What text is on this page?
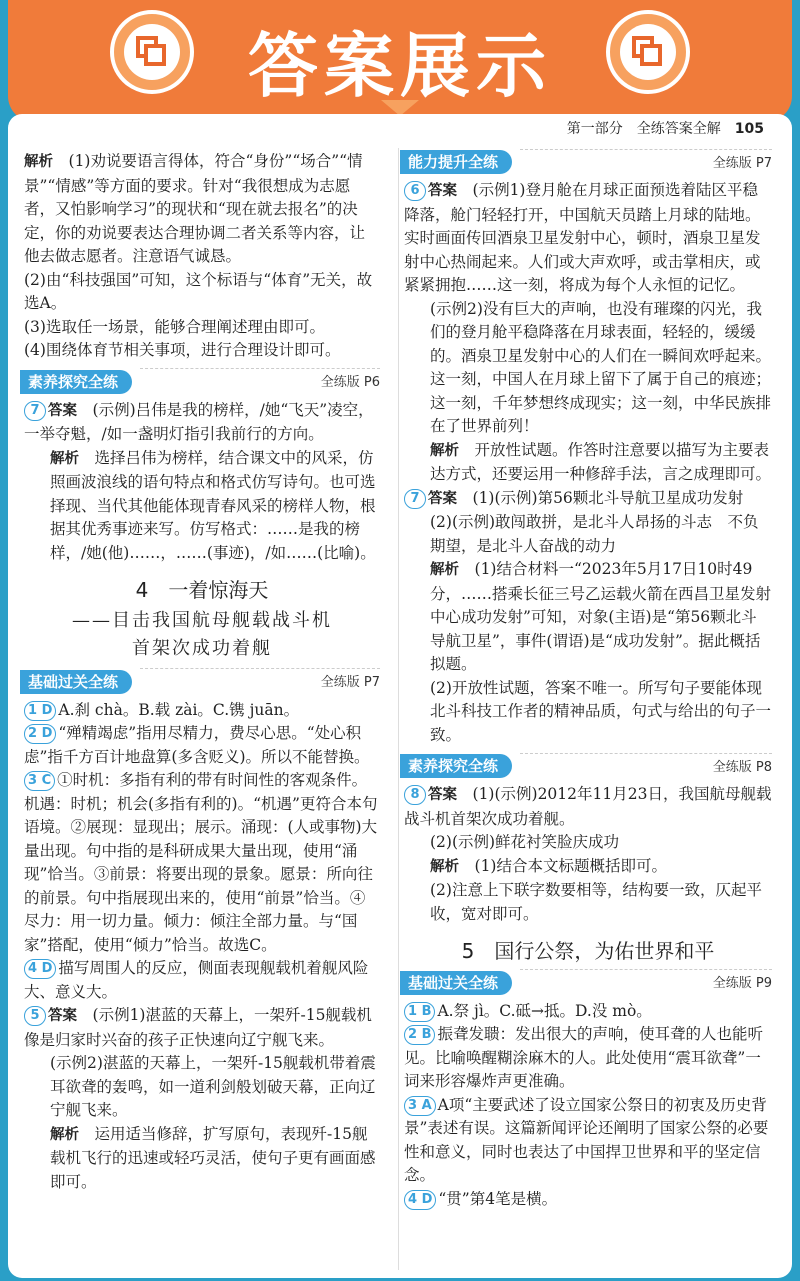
答案展示
第一部分　 全练答案全解　 105

解析　 (1)劝说要语言得体，符合“身份”“场合”“情景”“情感”等方面的要求。针对“我很想成为志愿者，又怕影响学习”的现状和“现在就去报名”的决定，你的劝说要表达合理协调二者关系等内容，让他去做志愿者。注意语气诚恳。

(2)由“科技强国”可知，这个标语与“体育”无关，故选A。

(3)选取任一场景，能够合理阐述理由即可。

(4)围绕体育节相关事项，进行合理设计即可。

素养探究全练	全练版 P6

7 答案　 (示例)吕伟是我的榜样，/她“飞天”凌空，一举夺魁，/如一盏明灯指引我前行的方向。

解析　 选择吕伟为榜样，结合课文中的风采，仿照画波浪线的语句特点和格式仿写诗句。也可选择现、当代其他能体现青春风采的榜样人物，根据其优秀事迹来写。仿写格式：……是我的榜样，/她(他)……，……(事迹)，/如……(比喻)。

4　一着惊海天
——目击我国航母舰载战斗机
首架次成功着舰
基础过关全练	全练版 P7

1 D A.刹 chà。B.载 zài。C.镌 juān。

2 D “殚精竭虑”指用尽精力，费尽心思。“处心积虑”指千方百计地盘算(多含贬义)。所以不能替换。

3 C ①时机：多指有利的带有时间性的客观条件。机遇：时机；机会(多指有利的)。“机遇”更符合本句语境。②展现：显现出；展示。涌现：(人或事物)大量出现。句中指的是科研成果大量出现，使用“涌现”恰当。③前景：将要出现的景象。愿景：所向往的前景。句中指展现出来的，使用“前景”恰当。④尽力：用一切力量。倾力：倾注全部力量。与“国家”搭配，使用“倾力”恰当。故选C。

4 D 描写周围人的反应，侧面表现舰载机着舰风险大、意义大。

5 答案　 (示例1)湛蓝的天幕上，一架歼-15舰载机像是归家时兴奋的孩子正快速向辽宁舰飞来。

(示例2)湛蓝的天幕上，一架歼-15舰载机带着震耳欲聋的轰鸣，如一道利剑般划破天幕，正向辽宁舰飞来。

解析　 运用适当修辞，扩写原句，表现歼-15舰载机飞行的迅速或轻巧灵活，使句子更有画面感即可。

能力提升全练	全练版 P7

6 答案　 (示例1)登月舱在月球正面预选着陆区平稳降落，舱门轻轻打开，中国航天员踏上月球的陆地。实时画面传回酒泉卫星发射中心，顿时，酒泉卫星发射中心热闹起来。人们或大声欢呼，或击掌相庆，或紧紧拥抱……这一刻，将成为每个人永恒的记忆。

(示例2)没有巨大的声响，也没有璀璨的闪光，我们的登月舱平稳降落在月球表面，轻轻的，缓缓的。酒泉卫星发射中心的人们在一瞬间欢呼起来。这一刻，中国人在月球上留下了属于自己的痕迹；这一刻，千年梦想终成现实；这一刻，中华民族排在了世界前列！

解析　 开放性试题。作答时注意要以描写为主要表达方式，还要运用一种修辞手法，言之成理即可。

7 答案　 (1)(示例)第56颗北斗导航卫星成功发射

(2)(示例)敢闯敢拼，是北斗人昂扬的斗志　不负期望，是北斗人奋战的动力

解析　 (1)结合材料一“2023年5月17日10时49分，……搭乘长征三号乙运载火箭在西昌卫星发射中心成功发射”可知，对象(主语)是“第56颗北斗导航卫星”，事件(谓语)是“成功发射”。据此概括拟题。

(2)开放性试题，答案不唯一。所写句子要能体现北斗科技工作者的精神品质，句式与给出的句子一致。

素养探究全练	全练版 P8

8 答案　 (1)(示例)2012年11月23日，我国航母舰载战斗机首架次成功着舰。

(2)(示例)鲜花衬笑脸庆成功

解析　 (1)结合本文标题概括即可。

(2)注意上下联字数要相等，结构要一致，仄起平收，宽对即可。

5　国行公祭，为佑世界和平
基础过关全练	全练版 P9

1 B A.祭 jì。C.砥→抵。D.没 mò。

2 B 振聋发聩：发出很大的声响，使耳聋的人也能听见。比喻唤醒糊涂麻木的人。此处使用“震耳欲聋”一词来形容爆炸声更准确。

3 A A项“主要武述了设立国家公祭日的初衷及历史背景”表述有误。这篇新闻评论还阐明了国家公祭的必要性和意义，同时也表达了中国捍卫世界和平的坚定信念。

4 D “贯”第4笔是横。
